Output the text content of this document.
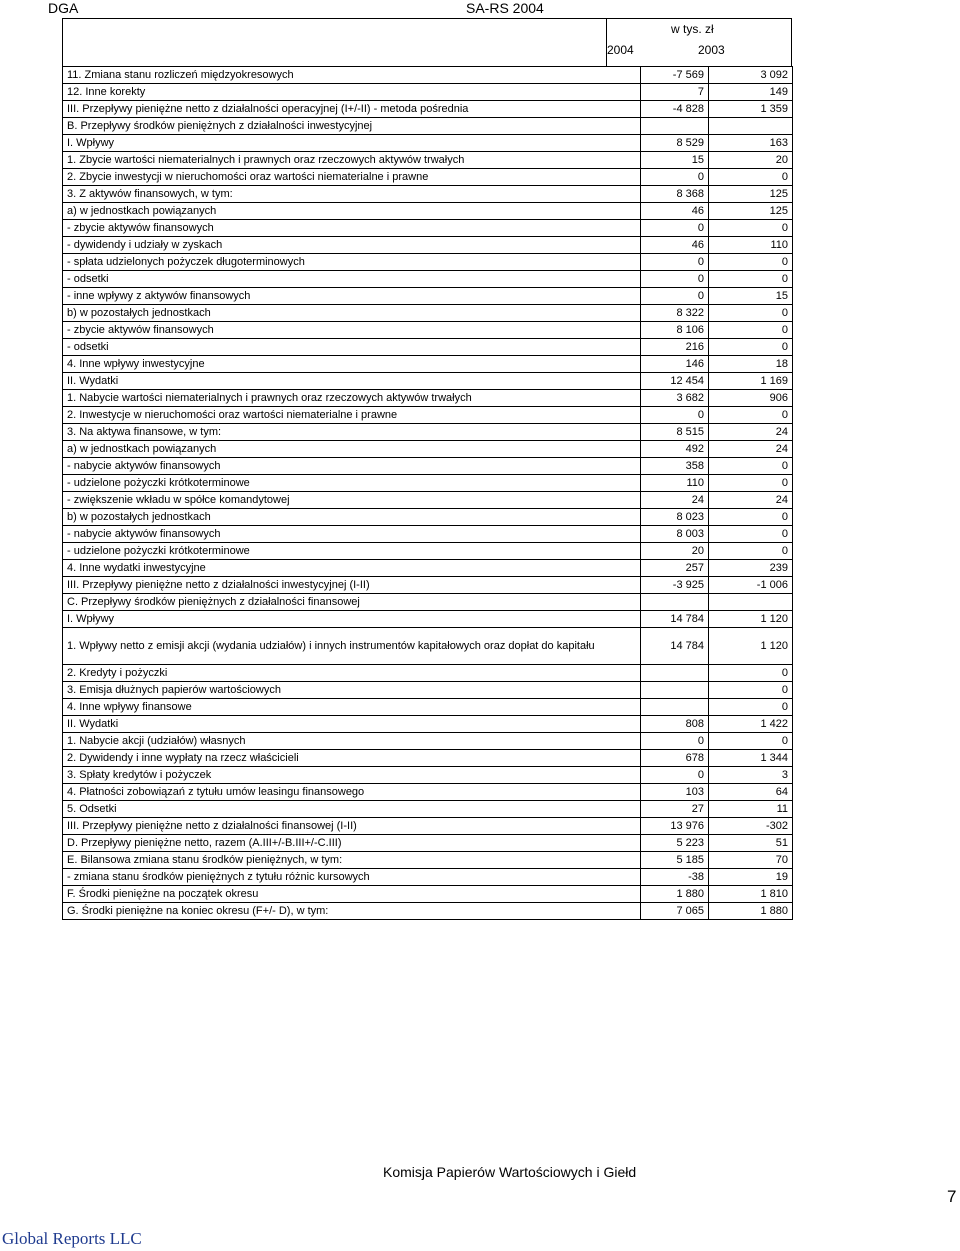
DGA	SA-RS 2004
w tys. zł
2004	2003
11. Zmiana stanu rozliczeń międzyokresowych	-7 569	3 092
12. Inne korekty	7	149
III. Przepływy pieniężne netto z działalności operacyjnej (I+/-II) - metoda pośrednia	-4 828	1 359
B. Przepływy środków pieniężnych z działalności inwestycyjnej		
I. Wpływy	8 529	163
1. Zbycie wartości niematerialnych i prawnych oraz rzeczowych aktywów trwałych	15	20
2. Zbycie inwestycji w nieruchomości oraz wartości niematerialne i prawne	0	0
3. Z aktywów finansowych, w tym:	8 368	125
a) w jednostkach powiązanych	46	125
- zbycie aktywów finansowych	0	0
- dywidendy i udziały w zyskach	46	110
- spłata udzielonych pożyczek długoterminowych	0	0
- odsetki	0	0
- inne wpływy z aktywów finansowych	0	15
b) w pozostałych jednostkach	8 322	0
- zbycie aktywów finansowych	8 106	0
- odsetki	216	0
4. Inne wpływy inwestycyjne	146	18
II. Wydatki	12 454	1 169
1. Nabycie wartości niematerialnych i prawnych oraz rzeczowych aktywów trwałych	3 682	906
2. Inwestycje w nieruchomości oraz wartości niematerialne i prawne	0	0
3. Na aktywa finansowe, w tym:	8 515	24
a) w jednostkach powiązanych	492	24
- nabycie aktywów finansowych	358	0
- udzielone pożyczki krótkoterminowe	110	0
- zwiększenie wkładu w spółce komandytowej	24	24
b) w pozostałych jednostkach	8 023	0
- nabycie aktywów finansowych	8 003	0
- udzielone pożyczki krótkoterminowe	20	0
4. Inne wydatki inwestycyjne	257	239
III. Przepływy pieniężne netto z działalności inwestycyjnej (I-II)	-3 925	-1 006
C. Przepływy środków pieniężnych z działalności finansowej		
I. Wpływy	14 784	1 120
1. Wpływy netto z emisji akcji (wydania udziałów) i innych instrumentów kapitałowych oraz dopłat do kapitału	14 784	1 120
2. Kredyty i pożyczki		0
3. Emisja dłużnych papierów wartościowych		0
4. Inne wpływy finansowe		0
II. Wydatki	808	1 422
1. Nabycie akcji (udziałów) własnych	0	0
2. Dywidendy i inne wypłaty na rzecz właścicieli	678	1 344
3. Spłaty kredytów i pożyczek	0	3
4. Płatności zobowiązań z tytułu umów leasingu finansowego	103	64
5. Odsetki	27	11
III. Przepływy pieniężne netto z działalności finansowej (I-II)	13 976	-302
D. Przepływy pieniężne netto, razem (A.III+/-B.III+/-C.III)	5 223	51
E. Bilansowa zmiana stanu środków pieniężnych, w tym:	5 185	70
- zmiana stanu środków pieniężnych z tytułu różnic kursowych	-38	19
F. Środki pieniężne na początek okresu	1 880	1 810
G. Środki pieniężne na koniec okresu (F+/- D), w tym:	7 065	1 880
Komisja Papierów Wartościowych i Giełd
7
Global Reports LLC
